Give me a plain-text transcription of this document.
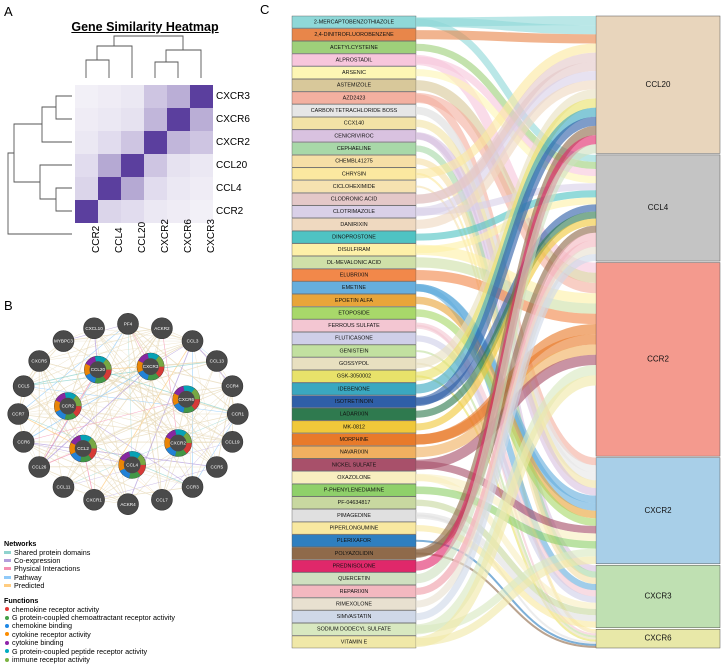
A
Gene Similarity Heatmap
CXCR3
CXCR6
CXCR2
CCL20
CCL4
CCR2
CCR2 CCL4 CCL20 CXCR2 CXCR6 CXCR3
B
PF4
ACKR2
CCL3
CCL13
CCR4
CCR1
CCL19
CCR5
CCR3
CCL7
ACKR4
CXCR1
CCL11
CCL26
CCR6
CCR7
CCL5
CXCR5
MYBPC3
CXCL10
CXCR3
CXCR6
CXCR2
CCL4
CCL2
CCR2
CCL20
Networks
Shared protein domains
Co-expression
Physical Interactions
Pathway
Predicted
Functions
chemokine receptor activity
G protein-coupled chemoattractant receptor activity
chemokine binding
cytokine receptor activity
cytokine binding
G protein-coupled peptide receptor activity
immune receptor activity
C
2-MERCAPTOBENZOTHIAZOLE
2,4-DINITROFLUOROBENZENE
ACETYLCYSTEINE
ALPROSTADIL
ARSENIC
ASTEMIZOLE
AZD2423
CARBON TETRACHLORIDE BOSS
CCX140
CENICRIVIROC
CEPHAELINE
CHEMBL41275
CHRYSIN
CICLOHEXIMIDE
CLODRONIC ACID
CLOTRIMAZOLE
DANIRIXIN
DINOPROSTONE
DISULFIRAM
DL-MEVALONIC ACID
ELUBRIXIN
EMETINE
EPOETIN ALFA
ETOPOSIDE
FERROUS SULFATE
FLUTICASONE
GENISTEIN
GOSSYPOL
GSK-3050002
IDEBENONE
ISOTRETINOIN
LADARIXIN
MK-0812
MORPHINE
NAVARIXIN
NICKEL SULFATE
OXAZOLONE
P-PHENYLENEDIAMINE
PF-04634817
PIMAGEDINE
PIPERLONGUMINE
PLERIXAFOR
POLYAZOLIDIN
PREDNISOLONE
QUERCETIN
REPARIXIN
RIMEXOLONE
SIMVASTATIN
SODIUM DODECYL SULFATE
VITAMIN E
CCL20
CCL4
CCR2
CXCR2
CXCR3
CXCR6
